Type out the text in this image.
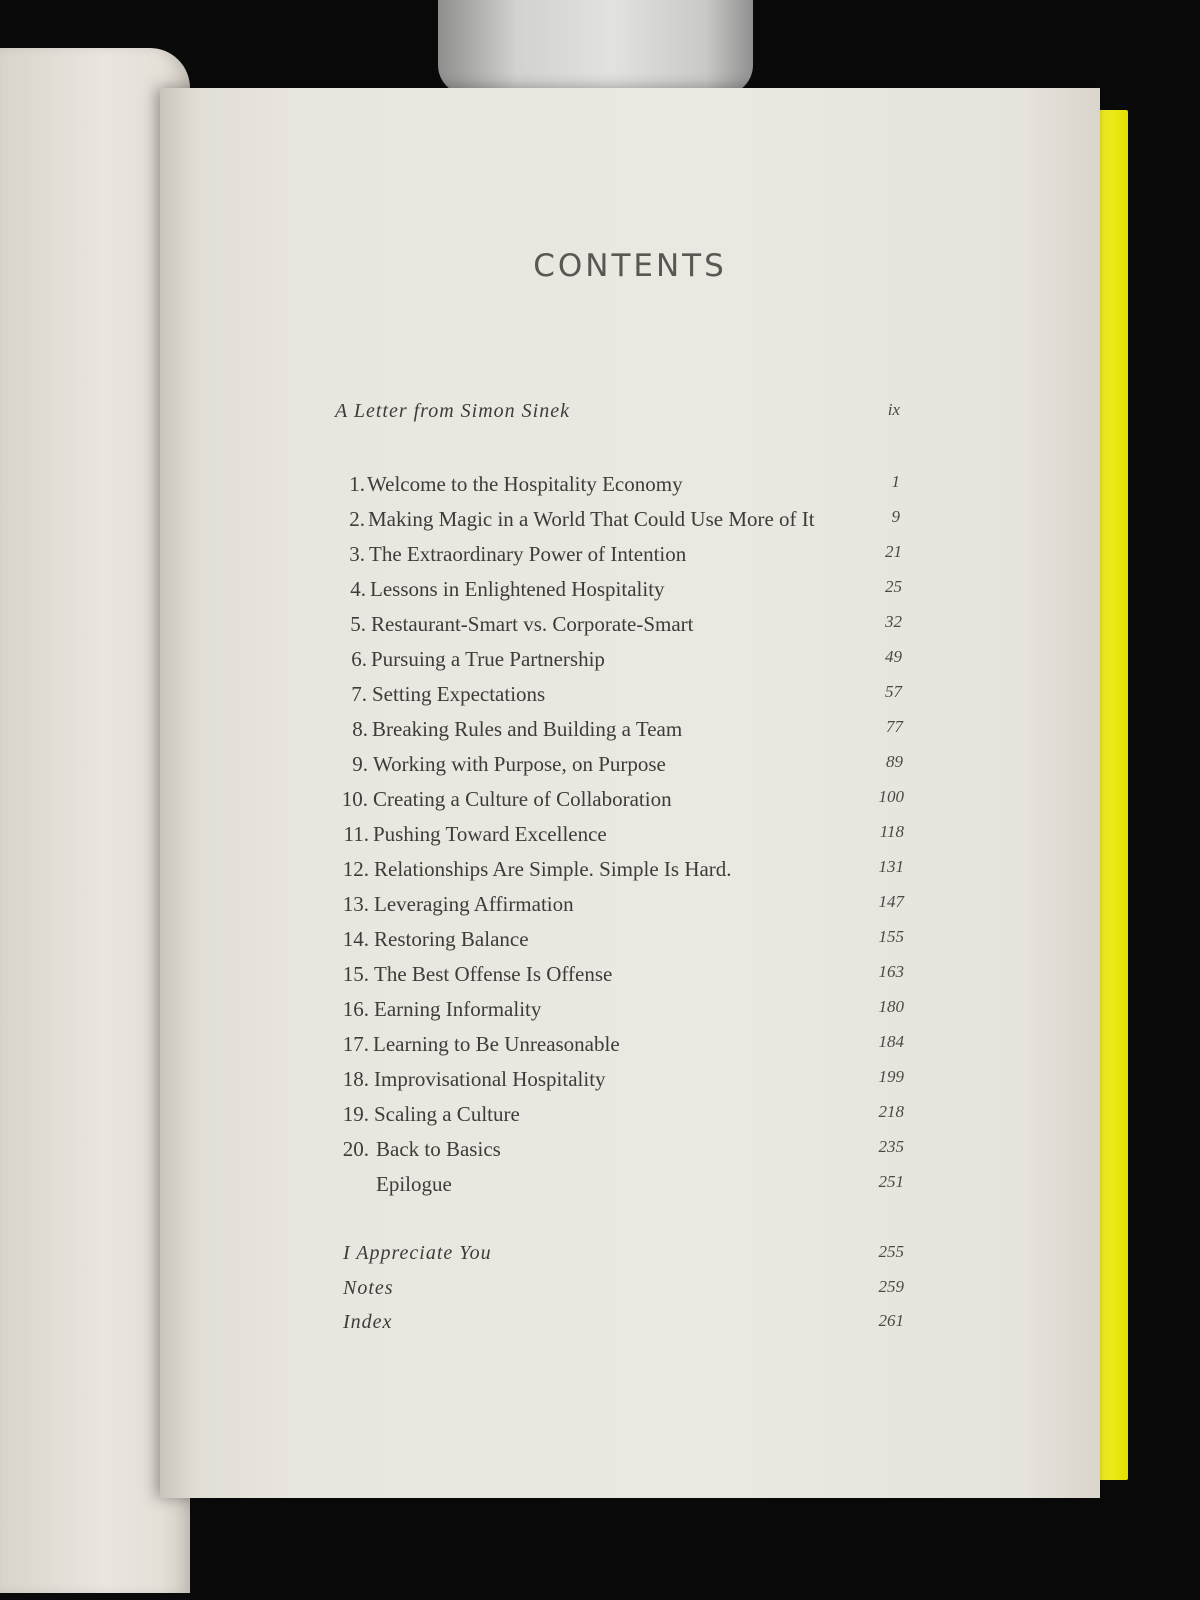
CONTENTS
A Letter from Simon Sinek	ix
1. Welcome to the Hospitality Economy	1
2. Making Magic in a World That Could Use More of It	9
3. The Extraordinary Power of Intention	21
4. Lessons in Enlightened Hospitality	25
5. Restaurant-Smart vs. Corporate-Smart	32
6. Pursuing a True Partnership	49
7. Setting Expectations	57
8. Breaking Rules and Building a Team	77
9. Working with Purpose, on Purpose	89
10. Creating a Culture of Collaboration	100
11. Pushing Toward Excellence	118
12. Relationships Are Simple. Simple Is Hard.	131
13. Leveraging Affirmation	147
14. Restoring Balance	155
15. The Best Offense Is Offense	163
16. Earning Informality	180
17. Learning to Be Unreasonable	184
18. Improvisational Hospitality	199
19. Scaling a Culture	218
20. Back to Basics	235
Epilogue	251
I Appreciate You	255
Notes	259
Index	261
